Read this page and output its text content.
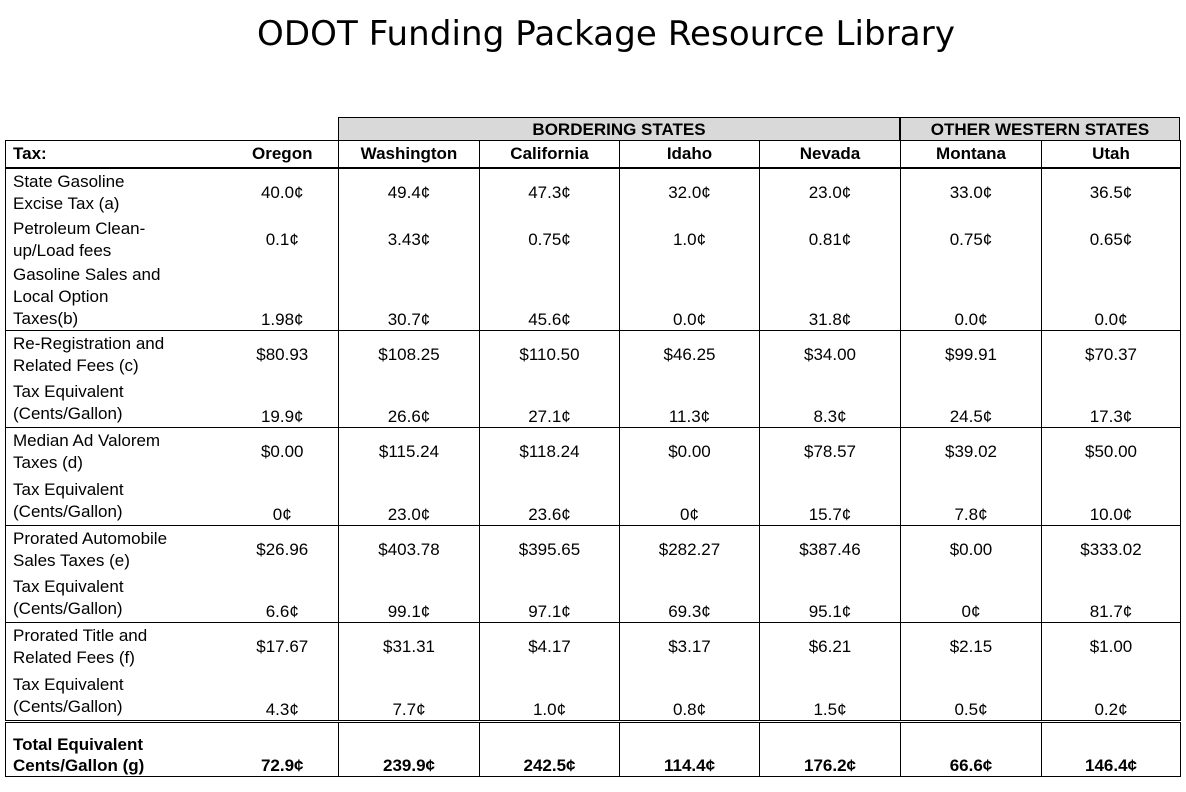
ODOT Funding Package Resource Library
BORDERING STATES	OTHER WESTERN STATES
Tax:	Oregon	Washington	California	Idaho	Nevada	Montana	Utah

State Gasoline
Excise Tax (a)	40.0¢	49.4¢	47.3¢	32.0¢	23.0¢	33.0¢	36.5¢

Petroleum Clean-
up/Load fees	0.1¢	3.43¢	0.75¢	1.0¢	0.81¢	0.75¢	0.65¢

Gasoline Sales and
Local Option
Taxes(b)	1.98¢	30.7¢	45.6¢	0.0¢	31.8¢	0.0¢	0.0¢

Re-Registration and
Related Fees (c)	$80.93	$108.25	$110.50	$46.25	$34.00	$99.91	$70.37

Tax Equivalent
(Cents/Gallon)	19.9¢	26.6¢	27.1¢	11.3¢	8.3¢	24.5¢	17.3¢

Median Ad Valorem
Taxes (d)	$0.00	$115.24	$118.24	$0.00	$78.57	$39.02	$50.00

Tax Equivalent
(Cents/Gallon)	0¢	23.0¢	23.6¢	0¢	15.7¢	7.8¢	10.0¢

Prorated Automobile
Sales Taxes (e)	$26.96	$403.78	$395.65	$282.27	$387.46	$0.00	$333.02

Tax Equivalent
(Cents/Gallon)	6.6¢	99.1¢	97.1¢	69.3¢	95.1¢	0¢	81.7¢

Prorated Title and
Related Fees (f)	$17.67	$31.31	$4.17	$3.17	$6.21	$2.15	$1.00

Tax Equivalent
(Cents/Gallon)	4.3¢	7.7¢	1.0¢	0.8¢	1.5¢	0.5¢	0.2¢

Total Equivalent
Cents/Gallon (g)	72.9¢	239.9¢	242.5¢	114.4¢	176.2¢	66.6¢	146.4¢
